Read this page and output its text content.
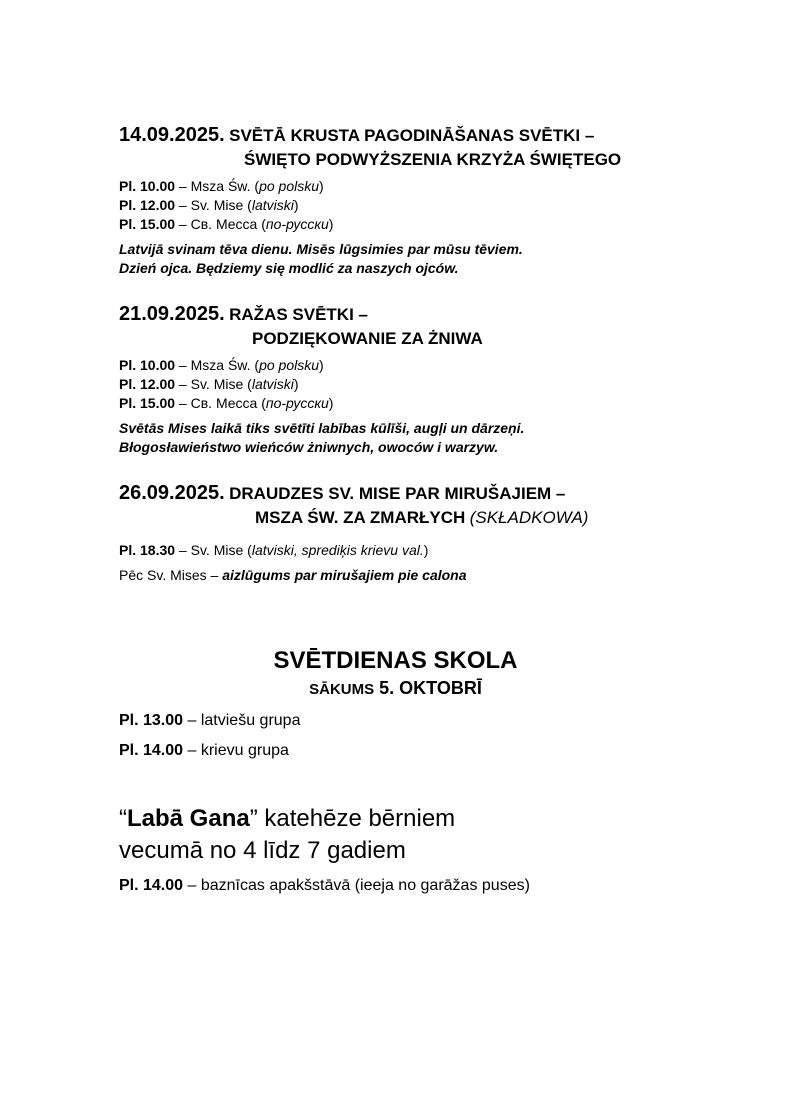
14.09.2025. SVĒTĀ KRUSTA PAGODINĀŠANAS SVĒTKI –
ŚWIĘTO PODWYŻSZENIA KRZYŻA ŚWIĘTEGO
Pl. 10.00 – Msza Św. (po polsku)
Pl. 12.00 – Sv. Mise (latviski)
Pl. 15.00 – Св. Месса (по-русски)
Latvijā svinam tēva dienu. Misēs lūgsimies par mūsu tēviem.
Dzień ojca. Będziemy się modlić za naszych ojców.
21.09.2025. RAŽAS SVĒTKI –
PODZIĘKOWANIE ZA ŻNIWA
Pl. 10.00 – Msza Św. (po polsku)
Pl. 12.00 – Sv. Mise (latviski)
Pl. 15.00 – Св. Месса (по-русски)
Svētās Mises laikā tiks svētīti labības kūlīši, augļi un dārzeņi.
Błogosławieństwo wieńców żniwnych, owoców i warzyw.
26.09.2025. DRAUDZES SV. MISE PAR MIRUŠAJIEM –
MSZA ŚW. ZA ZMARŁYCH (SKŁADKOWA)
Pl. 18.30 – Sv. Mise (latviski, sprediķis krievu val.)
Pēc Sv. Mises – aizlūgums par mirušajiem pie calona
SVĒTDIENAS SKOLA
SĀKUMS 5. OKTOBRĪ
Pl. 13.00 – latviešu grupa
Pl. 14.00 – krievu grupa
“Labā Gana” katehēze bērniem
vecumā no 4 līdz 7 gadiem
Pl. 14.00 – baznīcas apakšstāvā (ieeja no garāžas puses)
